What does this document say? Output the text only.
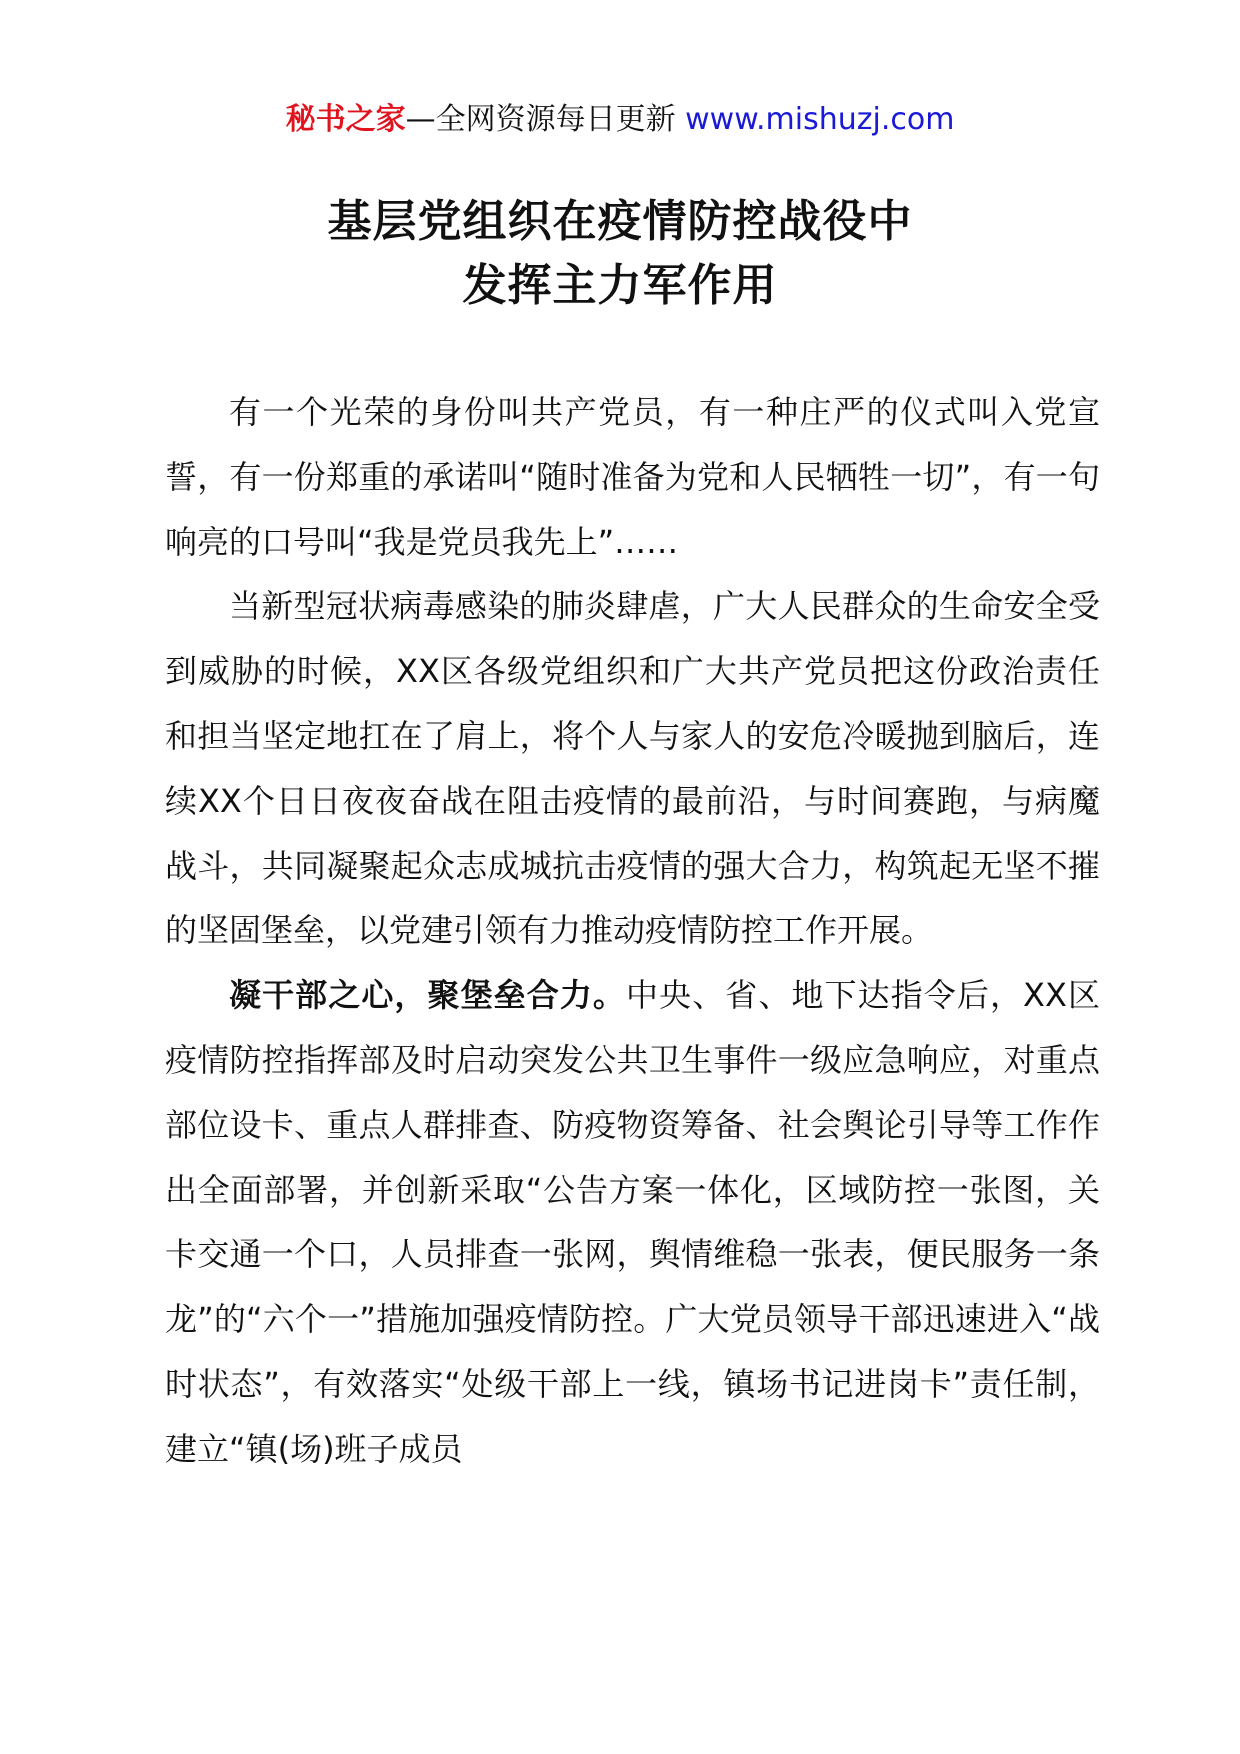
秘书之家—全网资源每日更新 www.mishuzj.com
基层党组织在疫情防控战役中
发挥主力军作用

有一个光荣的身份叫共产党员，有一种庄严的仪式叫入党宣誓，有一份郑重的承诺叫“随时准备为党和人民牺牲一切”，有一句响亮的口号叫“我是党员我先上”……

当新型冠状病毒感染的肺炎肆虐，广大人民群众的生命安全受到威胁的时候，XX区各级党组织和广大共产党员把这份政治责任和担当坚定地扛在了肩上，将个人与家人的安危冷暖抛到脑后，连续XX个日日夜夜奋战在阻击疫情的最前沿，与时间赛跑，与病魔战斗，共同凝聚起众志成城抗击疫情的强大合力，构筑起无坚不摧的坚固堡垒，以党建引领有力推动疫情防控工作开展。

凝干部之心，聚堡垒合力。中央、省、地下达指令后，XX区疫情防控指挥部及时启动突发公共卫生事件一级应急响应，对重点部位设卡、重点人群排查、防疫物资筹备、社会舆论引导等工作作出全面部署，并创新采取“公告方案一体化，区域防控一张图，关卡交通一个口，人员排查一张网，舆情维稳一张表，便民服务一条龙”的“六个一”措施加强疫情防控。广大党员领导干部迅速进入“战时状态”，有效落实“处级干部上一线，镇场书记进岗卡”责任制，建立“镇(场)班子成员
